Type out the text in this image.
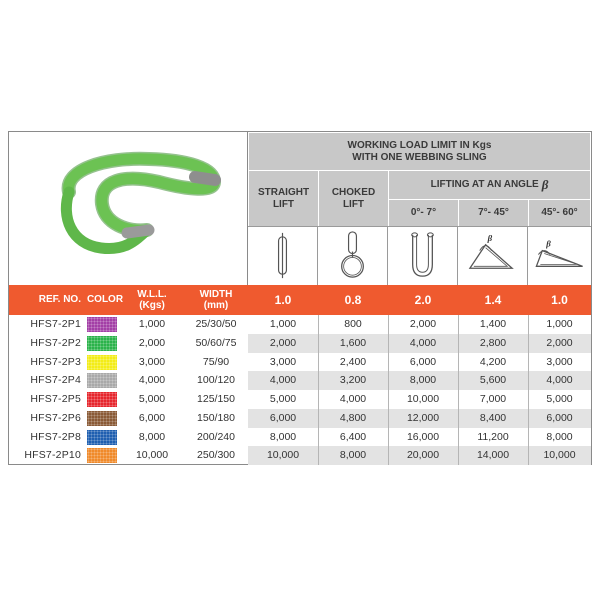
WORKING LOAD LIMIT IN Kgs
WITH ONE WEBBING SLING
STRAIGHT
LIFT
CHOKED
LIFT
LIFTING AT AN ANGLE β
0°- 7°	7°- 45°	45°- 60°
β
β
REF. NO. COLOR	W.L.L.
(Kgs)
WIDTH
(mm)	1.0	0.8	2.0	1.4	1.0
HFS7-2P1	1,000	25/30/50	1,000	800	2,000	1,400	1,000
HFS7-2P2	2,000	50/60/75	2,000	1,600	4,000	2,800	2,000
HFS7-2P3	3,000	75/90	3,000	2,400	6,000	4,200	3,000
HFS7-2P4	4,000	100/120	4,000	3,200	8,000	5,600	4,000
HFS7-2P5	5,000	125/150	5,000	4,000	10,000	7,000	5,000
HFS7-2P6	6,000	150/180	6,000	4,800	12,000	8,400	6,000
HFS7-2P8	8,000	200/240	8,000	6,400	16,000	11,200	8,000
HFS7-2P10	10,000	250/300	10,000	8,000	20,000	14,000	10,000
